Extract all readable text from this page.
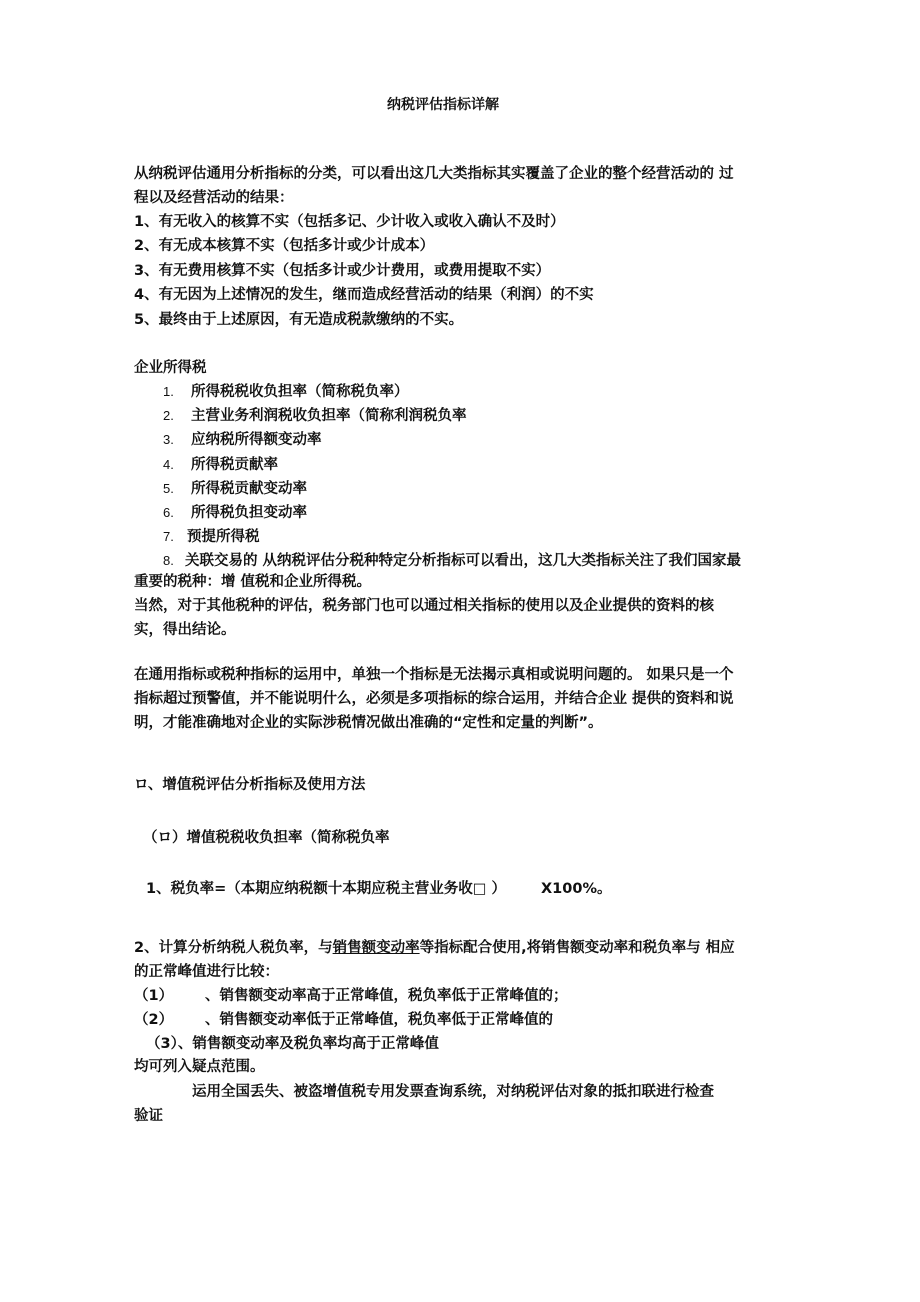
纳税评估指标详解
从纳税评估通用分析指标的分类，可以看出这几大类指标其实覆盖了企业的整个经营活动的 过
程以及经营活动的结果：
1、有无收入的核算不实（包括多记、少计收入或收入确认不及时）
2、有无成本核算不实（包括多计或少计成本）
3、有无费用核算不实（包括多计或少计费用，或费用提取不实）
4、有无因为上述情况的发生，继而造成经营活动的结果（利润）的不实
5、最终由于上述原因，有无造成税款缴纳的不实。
企业所得税
1. 所得税税收负担率（简称税负率）
2. 主营业务利润税收负担率（简称利润税负率
3. 应纳税所得额变动率
4. 所得税贡献率
5. 所得税贡献变动率
6. 所得税负担变动率
7. 预提所得税
8. 关联交易的 从纳税评估分税种特定分析指标可以看出，这几大类指标关注了我们国家最
重要的税种：增 值税和企业所得税。
当然，对于其他税种的评估，税务部门也可以通过相关指标的使用以及企业提供的资料的核
实，得出结论。
在通用指标或税种指标的运用中，单独一个指标是无法揭示真相或说明问题的。 如果只是一个
指标超过预警值，并不能说明什么，必须是多项指标的综合运用，并结合企业 提供的资料和说
明，才能准确地对企业的实际涉税情况做出准确的“定性和定量的判断”。
ロ、增值税评估分析指标及使用方法
（ロ）增值税税收负担率（简称税负率
1、税负率=（本期应纳税额十本期应税主营业务收□ ） X100%。
2、计算分析纳税人税负率，与销售额变动率等指标配合使用,将销售额变动率和税负率与 相应
的正常峰值进行比较：
（1） 、销售额变动率高于正常峰值，税负率低于正常峰值的；
（2） 、销售额变动率低于正常峰值，税负率低于正常峰值的
（3）、销售额变动率及税负率均高于正常峰值
均可列入疑点范围。
运用全国丢失、被盗增值税专用发票查询系统，对纳税评估对象的抵扣联进行检查
验证
